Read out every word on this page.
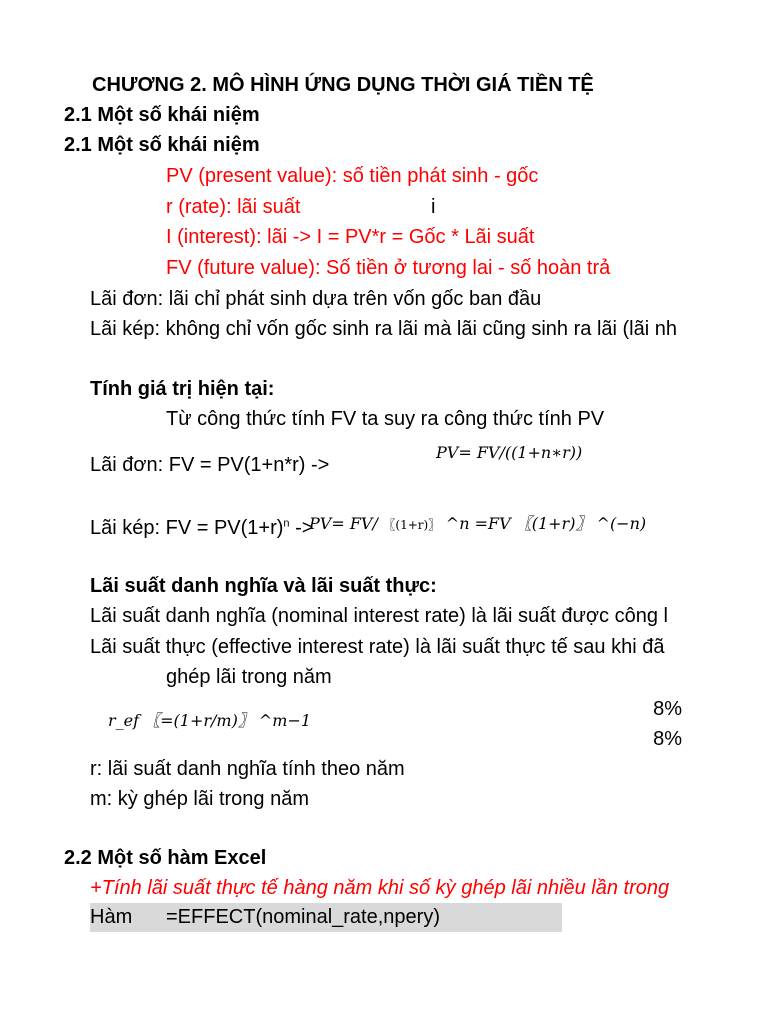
CHƯƠNG 2. MÔ HÌNH ỨNG DỤNG THỜI GIÁ TIỀN TỆ
2.1 Một số khái niệm
2.1 Một số khái niệm
PV (present value): số tiền phát sinh - gốc
r (rate): lãi suất	i
I (interest): lãi -> I = PV*r = Gốc * Lãi suất
FV (future value): Số tiền ở tương lai - số hoàn trả
Lãi đơn: lãi chỉ phát sinh dựa trên vốn gốc ban đầu
Lãi kép: không chỉ vốn gốc sinh ra lãi mà lãi cũng sinh ra lãi (lãi nh
Tính giá trị hiện tại:
Từ công thức tính FV ta suy ra công thức tính PV
Lãi đơn: FV = PV(1+n*r) ->
PV= FV/((1+n∗r))
Lãi kép: FV = $PV(1+r)^n$ ->
PV= FV/ 〖(1+r)〗 ^n =FV 〖(1+r)〗 ^(−n)
Lãi suất danh nghĩa và lãi suất thực:
Lãi suất danh nghĩa (nominal interest rate) là lãi suất được công l
Lãi suất thực (effective interest rate) là lãi suất thực tế sau khi đã
ghép lãi trong năm
r_ef 〖=(1+r/m)〗 ^m−1
8%
8%
r: lãi suất danh nghĩa tính theo năm
m: kỳ ghép lãi trong năm
2.2 Một số hàm Excel
+Tính lãi suất thực tế hàng năm khi số kỳ ghép lãi nhiều lần trong
Hàm =EFFECT(nominal_rate,npery)
